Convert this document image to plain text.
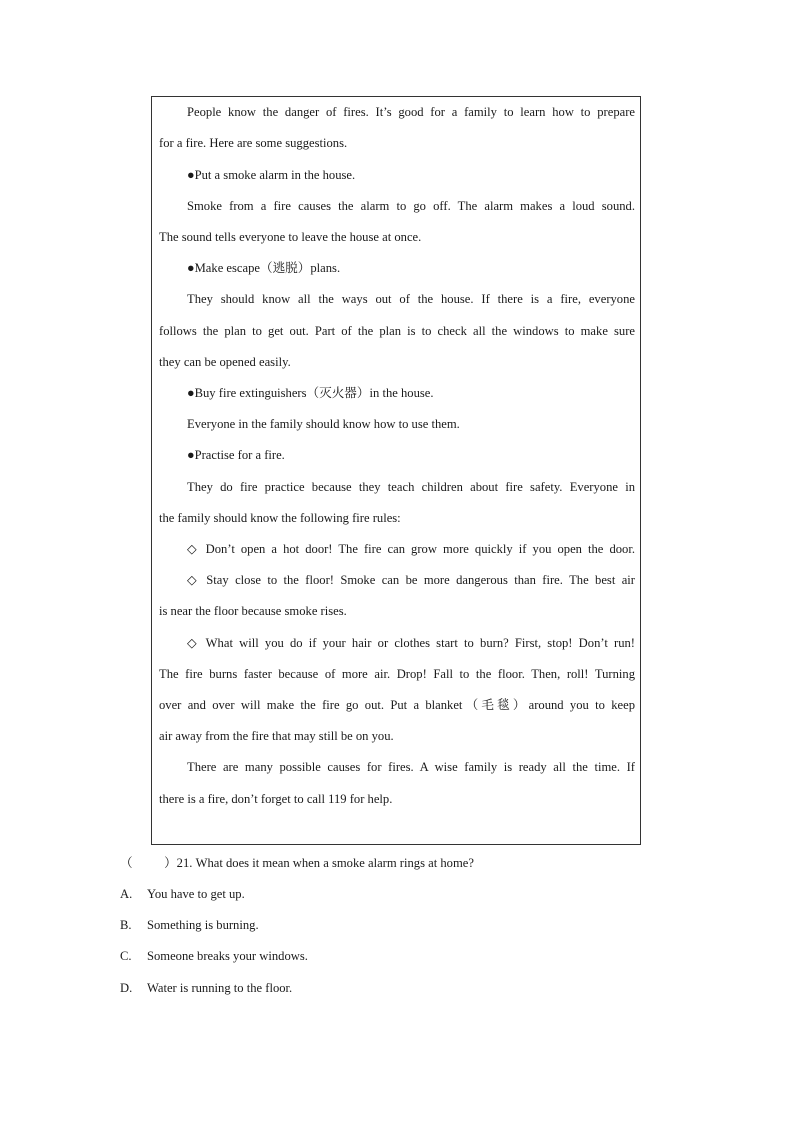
People know the danger of fires. It’s good for a family to learn how to prepare
for a fire. Here are some suggestions.
●Put a smoke alarm in the house.
Smoke from a fire causes the alarm to go off. The alarm makes a loud sound.
The sound tells everyone to leave the house at once.
●Make escape（逃脱）plans.
They should know all the ways out of the house. If there is a fire, everyone
follows the plan to get out. Part of the plan is to check all the windows to make sure
they can be opened easily.
●Buy fire extinguishers（灭火器）in the house.
Everyone in the family should know how to use them.
●Practise for a fire.
They do fire practice because they teach children about fire safety. Everyone in
the family should know the following fire rules:
◇ Don’t open a hot door! The fire can grow more quickly if you open the door.
◇ Stay close to the floor! Smoke can be more dangerous than fire. The best air
is near the floor because smoke rises.
◇ What will you do if your hair or clothes start to burn? First, stop! Don’t run!
The fire burns faster because of more air. Drop! Fall to the floor. Then, roll! Turning
over and over will make the fire go out. Put a blanket（毛毯）around you to keep
air away from the fire that may still be on you.
There are many possible causes for fires. A wise family is ready all the time. If
there is a fire, don’t forget to call 119 for help.
（          ）21. What does it mean when a smoke alarm rings at home?
A. You have to get up.
B. Something is burning.
C. Someone breaks your windows.
D. Water is running to the floor.
